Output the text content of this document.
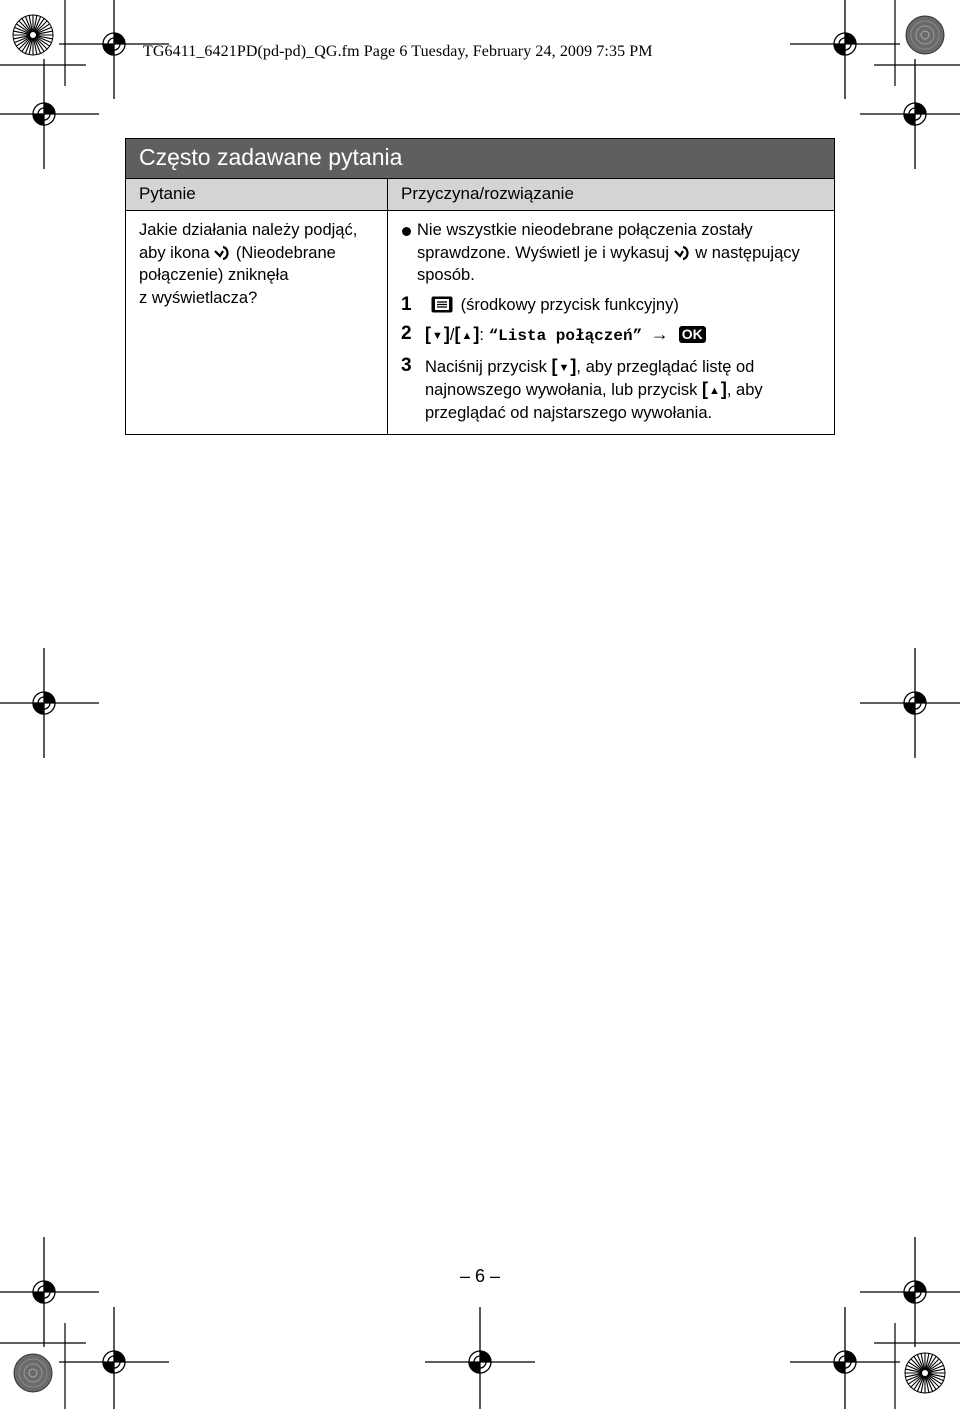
TG6411_6421PD(pd-pd)_QG.fm Page 6 Tuesday, February 24, 2009 7:35 PM
Często zadawane pytania
Pytanie	Przyczyna/rozwiązanie
Jakie działania należy podjąć,
aby ikona (Nieodebrane
połączenie) zniknęła
z wyświetlacza?
Nie wszystkie nieodebrane połączenia zostały
sprawdzone. Wyświetl je i wykasuj w następujący
sposób.
1	(środkowy przycisk funkcyjny)
2 [▼]/[▲]: “Lista połączeń” → OK
3 Naciśnij przycisk [▼], aby przeglądać listę od
najnowszego wywołania, lub przycisk [▲], aby
przeglądać od najstarszego wywołania.
– 6 –
